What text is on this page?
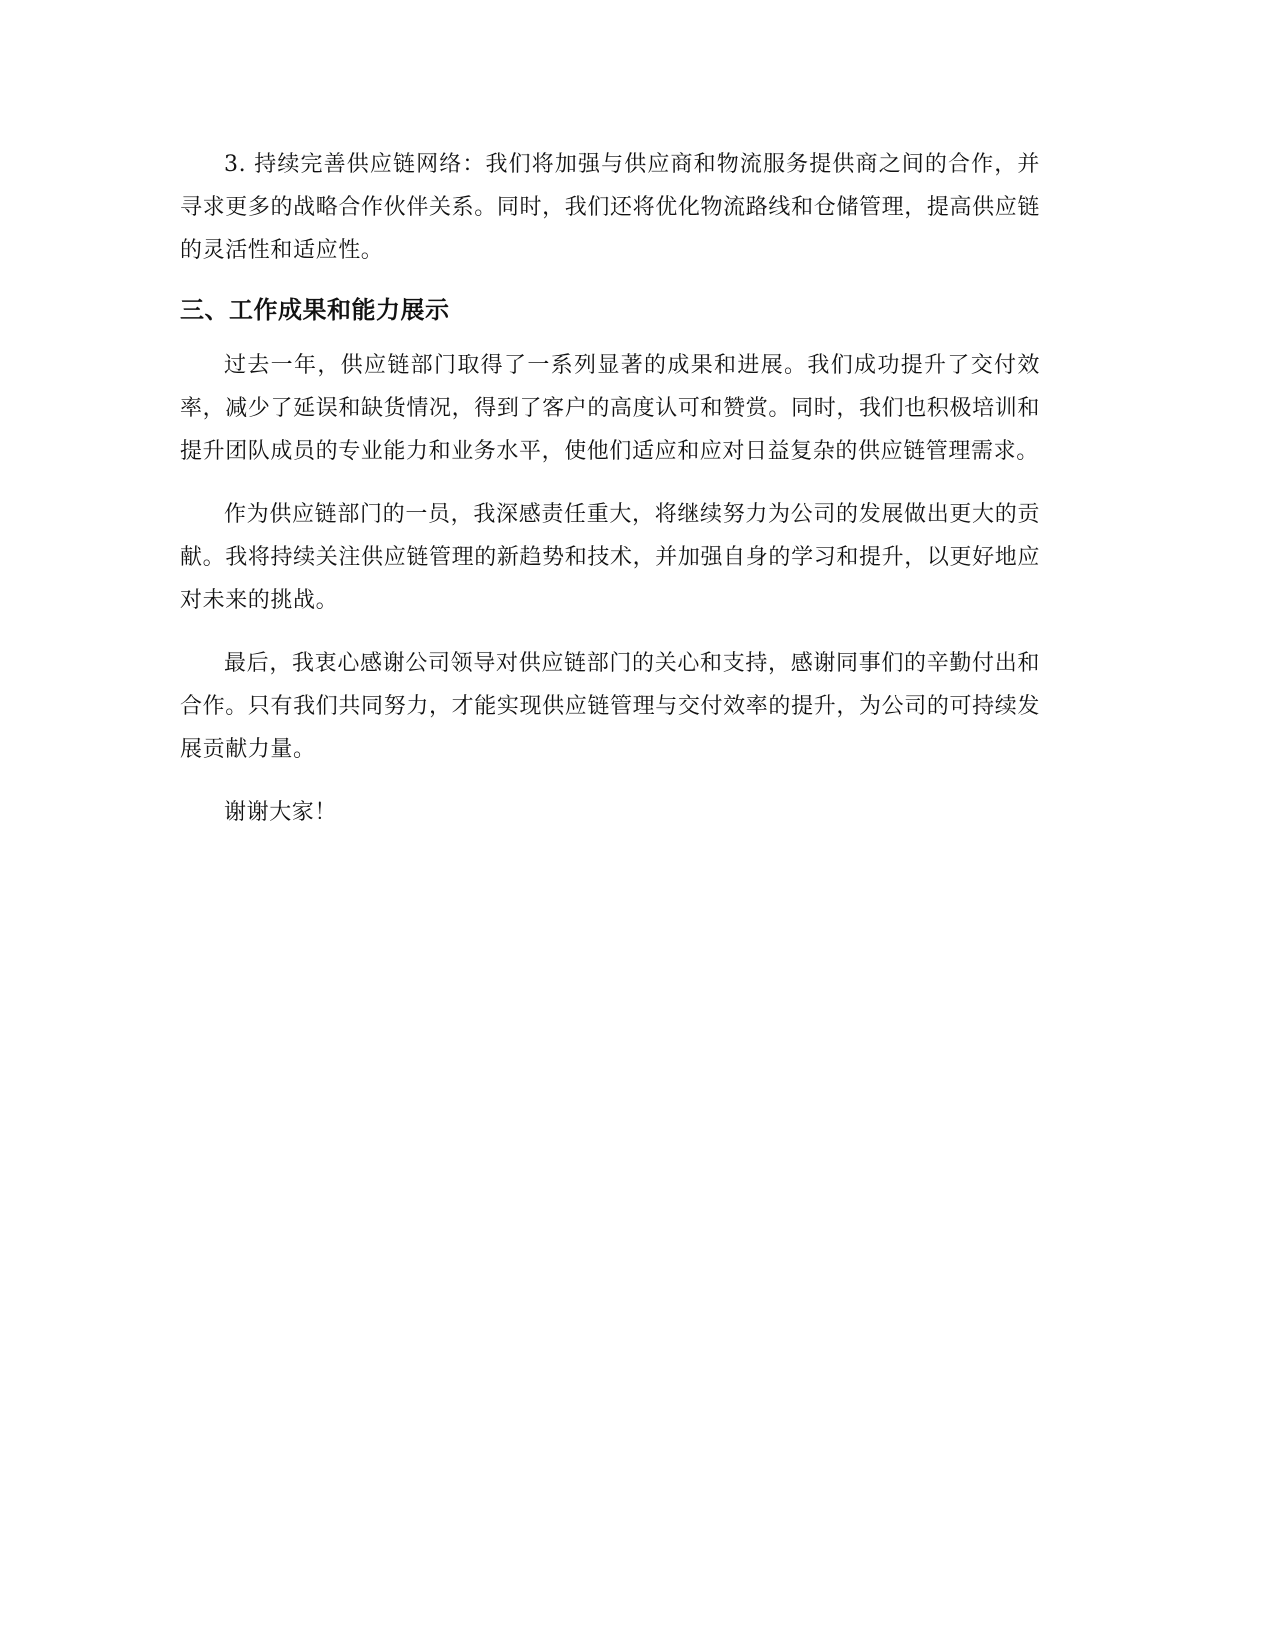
3. 持续完善供应链网络：我们将加强与供应商和物流服务提供商之间的合作，并寻求更多的战略合作伙伴关系。同时，我们还将优化物流路线和仓储管理，提高供应链的灵活性和适应性。

三、工作成果和能力展示

过去一年，供应链部门取得了一系列显著的成果和进展。我们成功提升了交付效率，减少了延误和缺货情况，得到了客户的高度认可和赞赏。同时，我们也积极培训和提升团队成员的专业能力和业务水平，使他们适应和应对日益复杂的供应链管理需求。

作为供应链部门的一员，我深感责任重大，将继续努力为公司的发展做出更大的贡献。我将持续关注供应链管理的新趋势和技术，并加强自身的学习和提升，以更好地应对未来的挑战。

最后，我衷心感谢公司领导对供应链部门的关心和支持，感谢同事们的辛勤付出和合作。只有我们共同努力，才能实现供应链管理与交付效率的提升，为公司的可持续发展贡献力量。

谢谢大家！
